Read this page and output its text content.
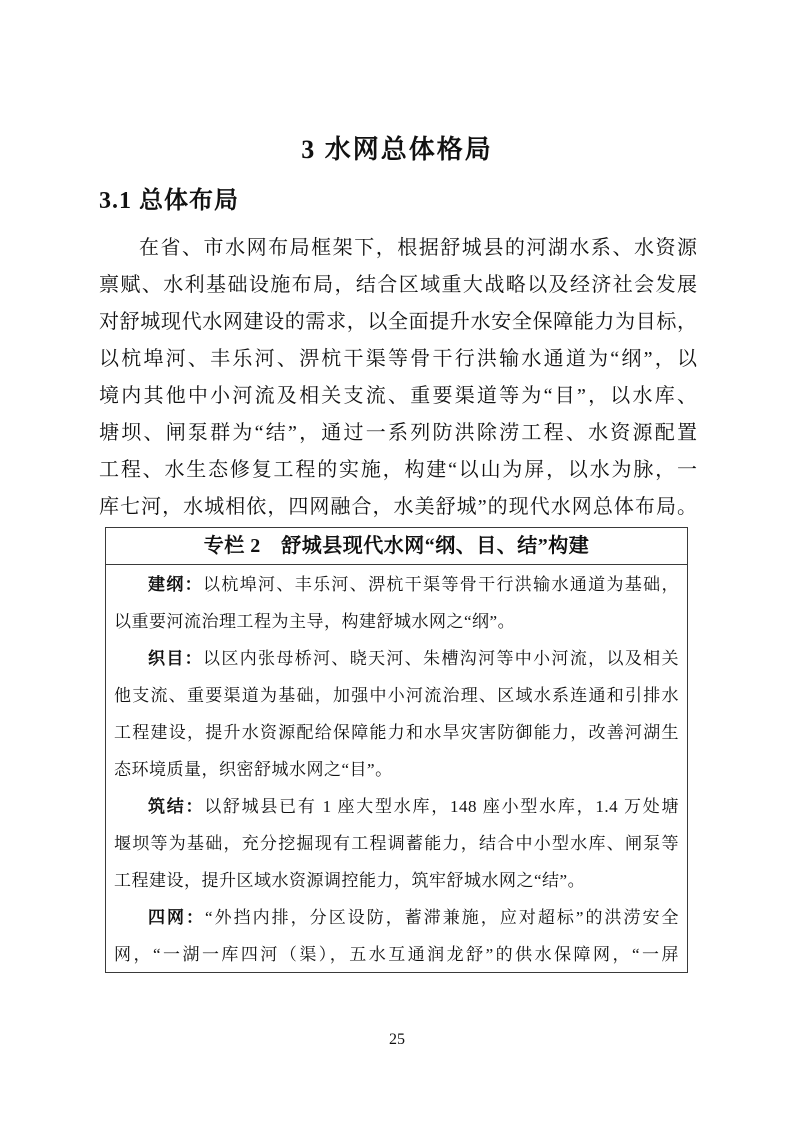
3 水网总体格局
3.1 总体布局
在省、市水网布局框架下，根据舒城县的河湖水系、水资源
禀赋、水利基础设施布局，结合区域重大战略以及经济社会发展
对舒城现代水网建设的需求，以全面提升水安全保障能力为目标，
以杭埠河、丰乐河、淠杭干渠等骨干行洪输水通道为“纲”，以
境内其他中小河流及相关支流、重要渠道等为“目”，以水库、
塘坝、闸泵群为“结”，通过一系列防洪除涝工程、水资源配置
工程、水生态修复工程的实施，构建“以山为屏，以水为脉，一
库七河，水城相依，四网融合，水美舒城”的现代水网总体布局。
专栏 2　舒城县现代水网“纲、目、结”构建
建纲：以杭埠河、丰乐河、淠杭干渠等骨干行洪输水通道为基础，
以重要河流治理工程为主导，构建舒城水网之“纲”。
织目：以区内张母桥河、晓天河、朱槽沟河等中小河流，以及相关
他支流、重要渠道为基础，加强中小河流治理、区域水系连通和引排水
工程建设，提升水资源配给保障能力和水旱灾害防御能力，改善河湖生
态环境质量，织密舒城水网之“目”。
筑结：以舒城县已有 1 座大型水库，148 座小型水库，1.4 万处塘
堰坝等为基础，充分挖掘现有工程调蓄能力，结合中小型水库、闸泵等
工程建设，提升区域水资源调控能力，筑牢舒城水网之“结”。
四网：“外挡内排，分区设防，蓄滞兼施，应对超标”的洪涝安全
网，“一湖一库四河（渠），五水互通润龙舒”的供水保障网，“一屏
25
